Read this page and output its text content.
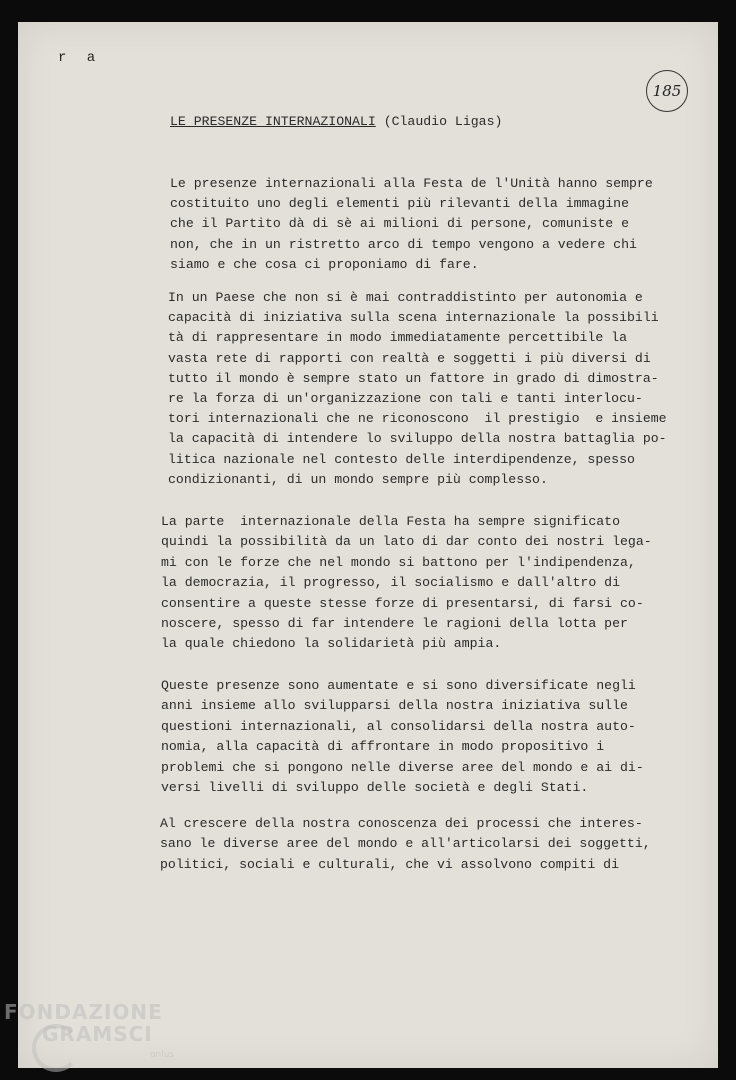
r a
185
LE PRESENZE INTERNAZIONALI (Claudio Ligas)
Le presenze internazionali alla Festa de l'Unità hanno sempre
costituito uno degli elementi più rilevanti della immagine
che il Partito dà di sè ai milioni di persone, comuniste e
non, che in un ristretto arco di tempo vengono a vedere chi
siamo e che cosa ci proponiamo di fare.
In un Paese che non si è mai contraddistinto per autonomia e
capacità di iniziativa sulla scena internazionale la possibili
tà di rappresentare in modo immediatamente percettibile la
vasta rete di rapporti con realtà e soggetti i più diversi di
tutto il mondo è sempre stato un fattore in grado di dimostra-
re la forza di un'organizzazione con tali e tanti interlocu-
tori internazionali che ne riconoscono  il prestigio  e insieme
la capacità di intendere lo sviluppo della nostra battaglia po-
litica nazionale nel contesto delle interdipendenze, spesso
condizionanti, di un mondo sempre più complesso.
La parte  internazionale della Festa ha sempre significato
quindi la possibilità da un lato di dar conto dei nostri lega-
mi con le forze che nel mondo si battono per l'indipendenza,
la democrazia, il progresso, il socialismo e dall'altro di
consentire a queste stesse forze di presentarsi, di farsi co-
noscere, spesso di far intendere le ragioni della lotta per
la quale chiedono la solidarietà più ampia.
Queste presenze sono aumentate e si sono diversificate negli
anni insieme allo svilupparsi della nostra iniziativa sulle
questioni internazionali, al consolidarsi della nostra auto-
nomia, alla capacità di affrontare in modo propositivo i
problemi che si pongono nelle diverse aree del mondo e ai di-
versi livelli di sviluppo delle società e degli Stati.
Al crescere della nostra conoscenza dei processi che interes-
sano le diverse aree del mondo e all'articolarsi dei soggetti,
politici, sociali e culturali, che vi assolvono compiti di
FONDAZIONE
GRAMSCI
onlus
